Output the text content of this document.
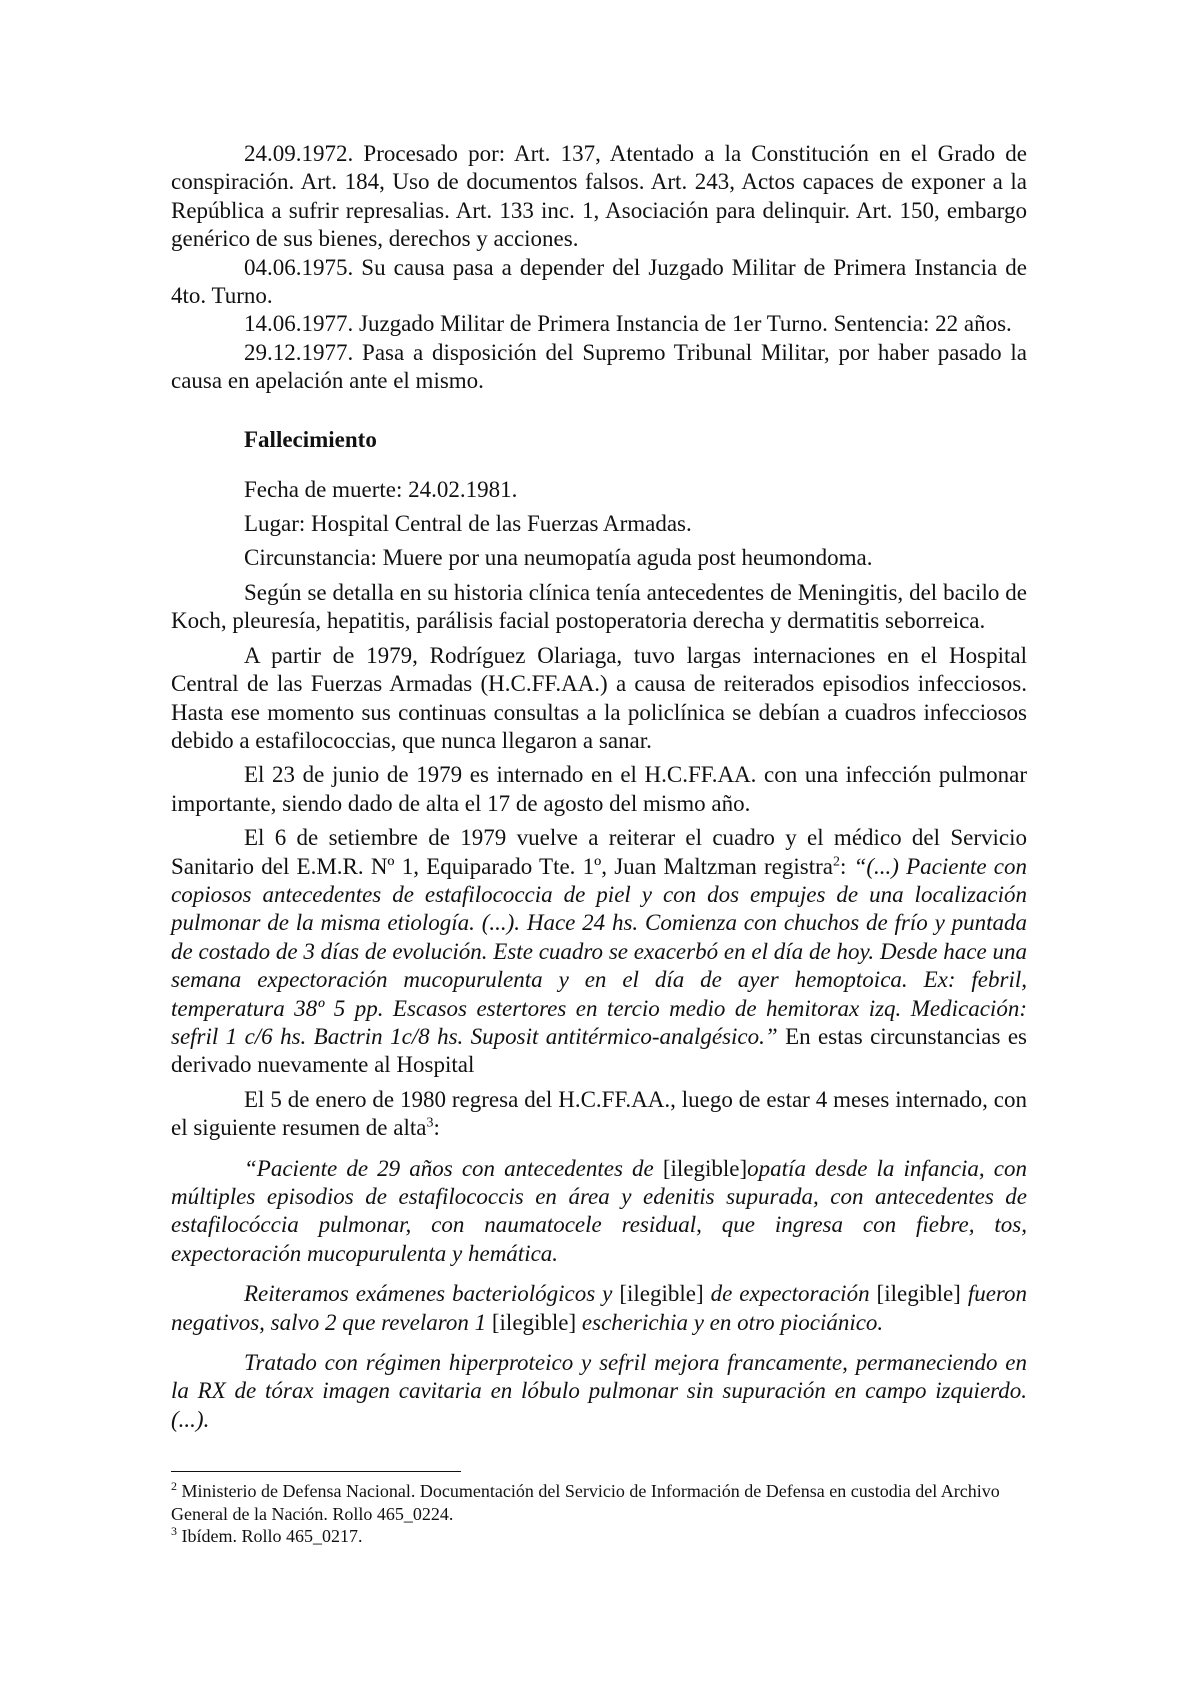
24.09.1972. Procesado por: Art. 137, Atentado a la Constitución en el Grado de conspiración. Art. 184, Uso de documentos falsos. Art. 243, Actos capaces de exponer a la República a sufrir represalias. Art. 133 inc. 1, Asociación para delinquir. Art. 150, embargo genérico de sus bienes, derechos y acciones.

04.06.1975. Su causa pasa a depender del Juzgado Militar de Primera Instancia de 4to. Turno.

14.06.1977. Juzgado Militar de Primera Instancia de 1er Turno. Sentencia: 22 años.

29.12.1977. Pasa a disposición del Supremo Tribunal Militar, por haber pasado la causa en apelación ante el mismo.

Fallecimiento

Fecha de muerte: 24.02.1981.

Lugar: Hospital Central de las Fuerzas Armadas.

Circunstancia: Muere por una neumopatía aguda post heumondoma.

Según se detalla en su historia clínica tenía antecedentes de Meningitis, del bacilo de Koch, pleuresía, hepatitis, parálisis facial postoperatoria derecha y dermatitis seborreica.

A partir de 1979, Rodríguez Olariaga, tuvo largas internaciones en el Hospital Central de las Fuerzas Armadas (H.C.FF.AA.) a causa de reiterados episodios infecciosos. Hasta ese momento sus continuas consultas a la policlínica se debían a cuadros infecciosos debido a estafilococcias, que nunca llegaron a sanar.

El 23 de junio de 1979 es internado en el H.C.FF.AA. con una infección pulmonar importante, siendo dado de alta el 17 de agosto del mismo año.

El 6 de setiembre de 1979 vuelve a reiterar el cuadro y el médico del Servicio Sanitario del E.M.R. Nº 1, Equiparado Tte. 1º, Juan Maltzman registra$^2$: “(...) Paciente con copiosos antecedentes de estafilococcia de piel y con dos empujes de una localización pulmonar de la misma etiología. (...). Hace 24 hs. Comienza con chuchos de frío y puntada de costado de 3 días de evolución. Este cuadro se exacerbó en el día de hoy. Desde hace una semana expectoración mucopurulenta y en el día de ayer hemoptoica. Ex: febril, temperatura 38º 5 pp. Escasos estertores en tercio medio de hemitorax izq. Medicación: sefril 1 c/6 hs. Bactrin 1c/8 hs. Suposit antitérmico-analgésico.” En estas circunstancias es derivado nuevamente al Hospital

El 5 de enero de 1980 regresa del H.C.FF.AA., luego de estar 4 meses internado, con el siguiente resumen de alta$^3$:

“Paciente de 29 años con antecedentes de [ilegible]opatía desde la infancia, con múltiples episodios de estafilococcis en área y edenitis supurada, con antecedentes de estafilocóccia pulmonar, con naumatocele residual, que ingresa con fiebre, tos, expectoración mucopurulenta y hemática.

Reiteramos exámenes bacteriológicos y [ilegible] de expectoración [ilegible] fueron negativos, salvo 2 que revelaron 1 [ilegible] escherichia y en otro piociánico.

Tratado con régimen hiperproteico y sefril mejora francamente, permaneciendo en la RX de tórax imagen cavitaria en lóbulo pulmonar sin supuración en campo izquierdo. (...).

$^2$ Ministerio de Defensa Nacional. Documentación del Servicio de Información de Defensa en custodia del Archivo General de la Nación. Rollo 465_0224.

$^3$ Ibídem. Rollo 465_0217.
